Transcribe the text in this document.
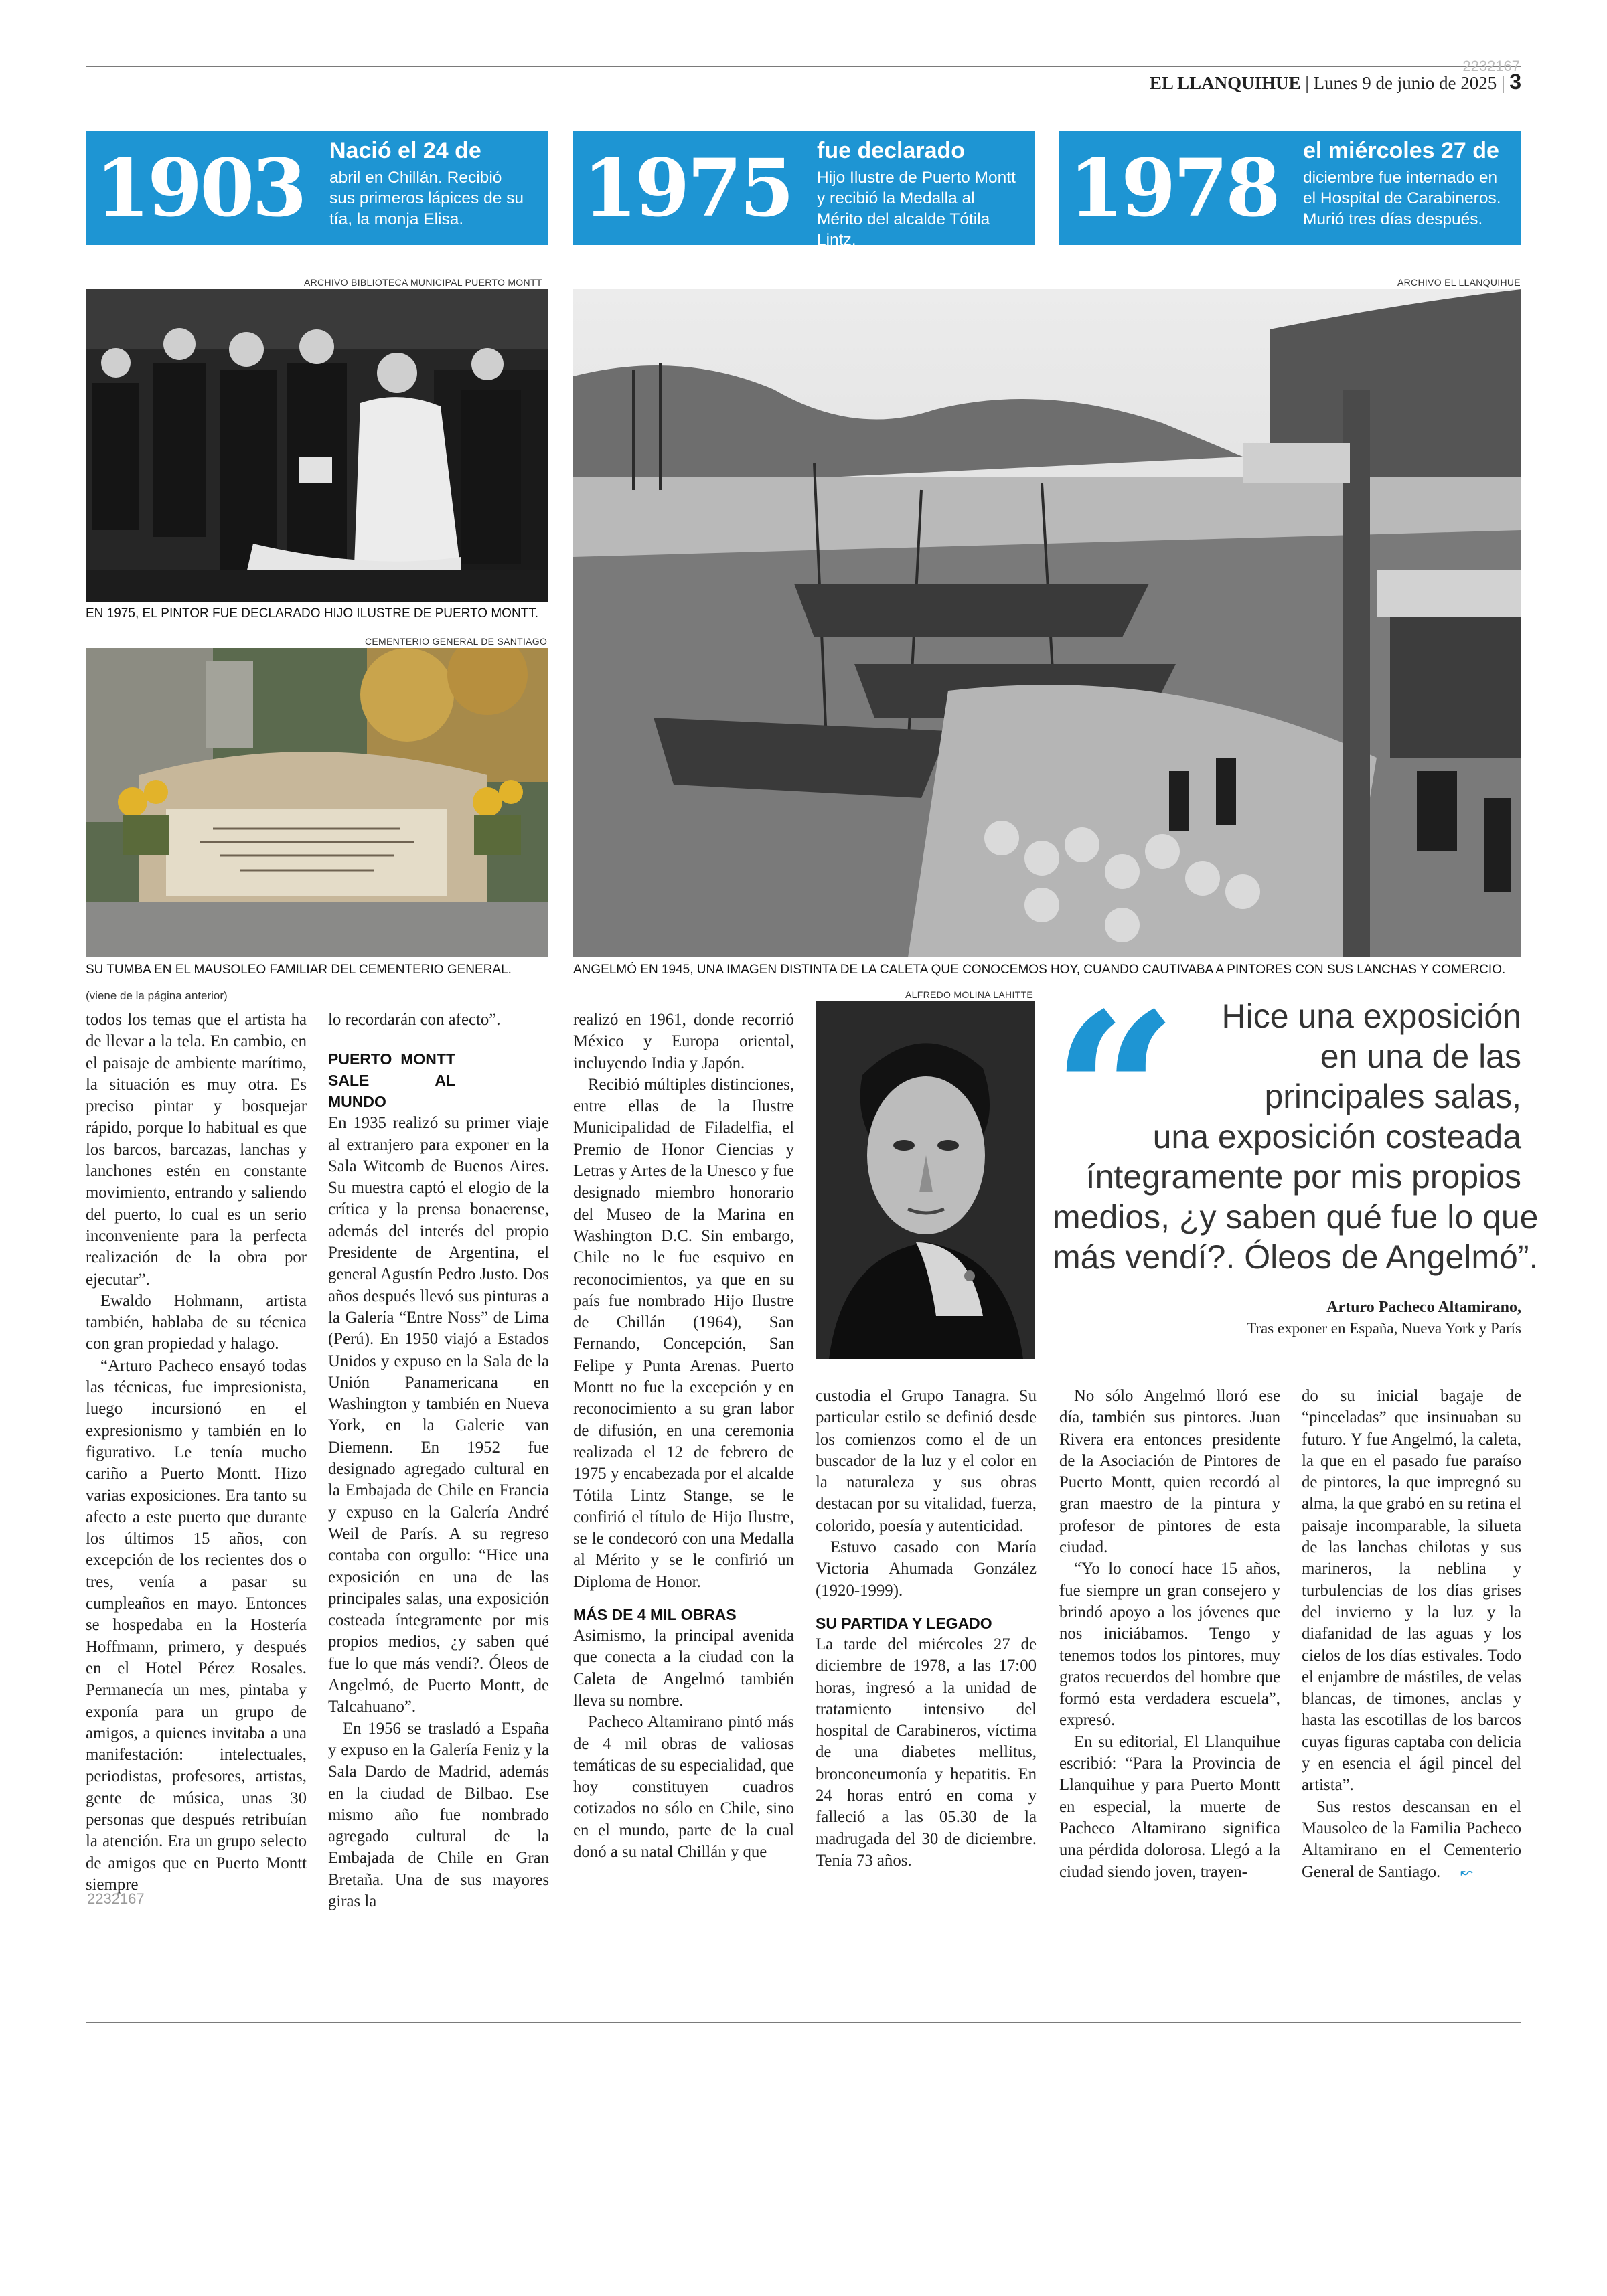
2232167
EL LLANQUIHUE | Lunes 9 de junio de 2025 | 3
1903 Nació el 24 de
abril en Chillán. Recibió sus primeros lápices de su tía, la monja Elisa.	1975 fue declarado
Hijo Ilustre de Puerto Montt y recibió la Medalla al Mérito del alcalde Tótila Lintz.
1978 el miércoles 27 de
diciembre fue internado en el Hospital de Carabineros. Murió tres días después.
ARCHIVO BIBLIOTECA MUNICIPAL PUERTO MONTT	ARCHIVO EL LLANQUIHUE
EN 1975, EL PINTOR FUE DECLARADO HIJO ILUSTRE DE PUERTO MONTT.
CEMENTERIO GENERAL DE SANTIAGO
SU TUMBA EN EL MAUSOLEO FAMILIAR DEL CEMENTERIO GENERAL.	ANGELMÓ EN 1945, UNA IMAGEN DISTINTA DE LA CALETA QUE CONOCEMOS HOY, CUANDO CAUTIVABA A PINTORES CON SUS LANCHAS Y COMERCIO.
ALFREDO MOLINA LAHITTE “	Hice una exposición
en una de las
principales salas,
una exposición costeada
íntegramente por mis propios
medios, ¿y saben qué fue lo que
más vendí?. Óleos de Angelmó”.
Arturo Pacheco Altamirano,
Tras exponer en España, Nueva York y París
(viene de la página anterior)

todos los temas que el artista ha de llevar a la tela. En cambio, en el paisaje de ambiente marítimo, la situación es muy otra. Es preciso pintar y bosquejar rápido, porque lo habitual es que los barcos, barcazas, lanchas y lanchones estén en constante movimiento, entrando y saliendo del puerto, lo cual es un serio inconveniente para la perfecta realización de la obra por ejecutar”.

Ewaldo Hohmann, artista también, hablaba de su técnica con gran propiedad y halago.

“Arturo Pacheco ensayó todas las técnicas, fue impresionista, luego incursionó en el expresionismo y también en lo figurativo. Le tenía mucho cariño a Puerto Montt. Hizo varias exposiciones. Era tanto su afecto a este puerto que durante los últimos 15 años, con excepción de los recientes dos o tres, venía a pasar su cumpleaños en mayo. Entonces se hospedaba en la Hostería Hoffmann, primero, y después en el Hotel Pérez Rosales. Permanecía un mes, pintaba y exponía para un grupo de amigos, a quienes invitaba a una manifestación: intelectuales, periodistas, profesores, artistas, gente de música, unas 30 personas que después retribuían la atención. Era un grupo selecto de amigos que en Puerto Montt siempre

lo recordarán con afecto”.

PUERTO MONTT SALE AL MUNDO

En 1935 realizó su primer viaje al extranjero para exponer en la Sala Witcomb de Buenos Aires. Su muestra captó el elogio de la crítica y la prensa bonaerense, además del interés del propio Presidente de Argentina, el general Agustín Pedro Justo. Dos años después llevó sus pinturas a la Galería “Entre Noss” de Lima (Perú). En 1950 viajó a Estados Unidos y expuso en la Sala de la Unión Panamericana en Washington y también en Nueva York, en la Galerie van Diemenn. En 1952 fue designado agregado cultural en la Embajada de Chile en Francia y expuso en la Galería André Weil de París. A su regreso contaba con orgullo: “Hice una exposición en una de las principales salas, una exposición costeada íntegramente por mis propios medios, ¿y saben qué fue lo que más vendí?. Óleos de Angelmó, de Puerto Montt, de Talcahuano”.

En 1956 se trasladó a España y expuso en la Galería Feniz y la Sala Dardo de Madrid, además en la ciudad de Bilbao. Ese mismo año fue nombrado agregado cultural de la Embajada de Chile en Gran Bretaña. Una de sus mayores giras la

realizó en 1961, donde recorrió México y Europa oriental, incluyendo India y Japón.

Recibió múltiples distinciones, entre ellas de la Ilustre Municipalidad de Filadelfia, el Premio de Honor Ciencias y Letras y Artes de la Unesco y fue designado miembro honorario del Museo de la Marina en Washington D.C. Sin embargo, Chile no le fue esquivo en reconocimientos, ya que en su país fue nombrado Hijo Ilustre de Chillán (1964), San Fernando, Concepción, San Felipe y Punta Arenas. Puerto Montt no fue la excepción y en reconocimiento a su gran labor de difusión, en una ceremonia realizada el 12 de febrero de 1975 y encabezada por el alcalde Tótila Lintz Stange, se le confirió el título de Hijo Ilustre, se le condecoró con una Medalla al Mérito y se le confirió un Diploma de Honor.

MÁS DE 4 MIL OBRAS

Asimismo, la principal avenida que conecta a la ciudad con la Caleta de Angelmó también lleva su nombre.

Pacheco Altamirano pintó más de 4 mil obras de valiosas temáticas de su especialidad, que hoy constituyen cuadros cotizados no sólo en Chile, sino en el mundo, parte de la cual donó a su natal Chillán y que

custodia el Grupo Tanagra. Su particular estilo se definió desde los comienzos como el de un buscador de la luz y el color en la naturaleza y sus obras destacan por su vitalidad, fuerza, colorido, poesía y autenticidad.

Estuvo casado con María Victoria Ahumada González (1920-1999).

SU PARTIDA Y LEGADO

La tarde del miércoles 27 de diciembre de 1978, a las 17:00 horas, ingresó a la unidad de tratamiento intensivo del hospital de Carabineros, víctima de una diabetes mellitus, bronconeumonía y hepatitis. En 24 horas entró en coma y falleció a las 05.30 de la madrugada del 30 de diciembre. Tenía 73 años.

No sólo Angelmó lloró ese día, también sus pintores. Juan Rivera era entonces presidente de la Asociación de Pintores de Puerto Montt, quien recordó al gran maestro de la pintura y profesor de pintores de esta ciudad.

“Yo lo conocí hace 15 años, fue siempre un gran consejero y brindó apoyo a los jóvenes que nos iniciábamos. Tengo y tenemos todos los pintores, muy gratos recuerdos del hombre que formó esta verdadera escuela”, expresó.

En su editorial, El Llanquihue escribió: “Para la Provincia de Llanquihue y para Puerto Montt en especial, la muerte de Pacheco Altamirano significa una pérdida dolorosa. Llegó a la ciudad siendo joven, trayen-

do su inicial bagaje de “pinceladas” que insinuaban su futuro. Y fue Angelmó, la caleta, la que en el pasado fue paraíso de pintores, la que impregnó su alma, la que grabó en su retina el paisaje incomparable, la silueta de las lanchas chilotas y sus marineros, la neblina y turbulencias de los días grises del invierno y la luz y la diafanidad de las aguas y los cielos de los días estivales. Todo el enjambre de mástiles, de velas blancas, de timones, anclas y hasta las escotillas de los barcos cuyas figuras captaba con delicia y en esencia el ágil pincel del artista”.

Sus restos descansan en el Mausoleo de la Familia Pacheco Altamirano en el Cementerio General de Santiago. ↜

2232167
